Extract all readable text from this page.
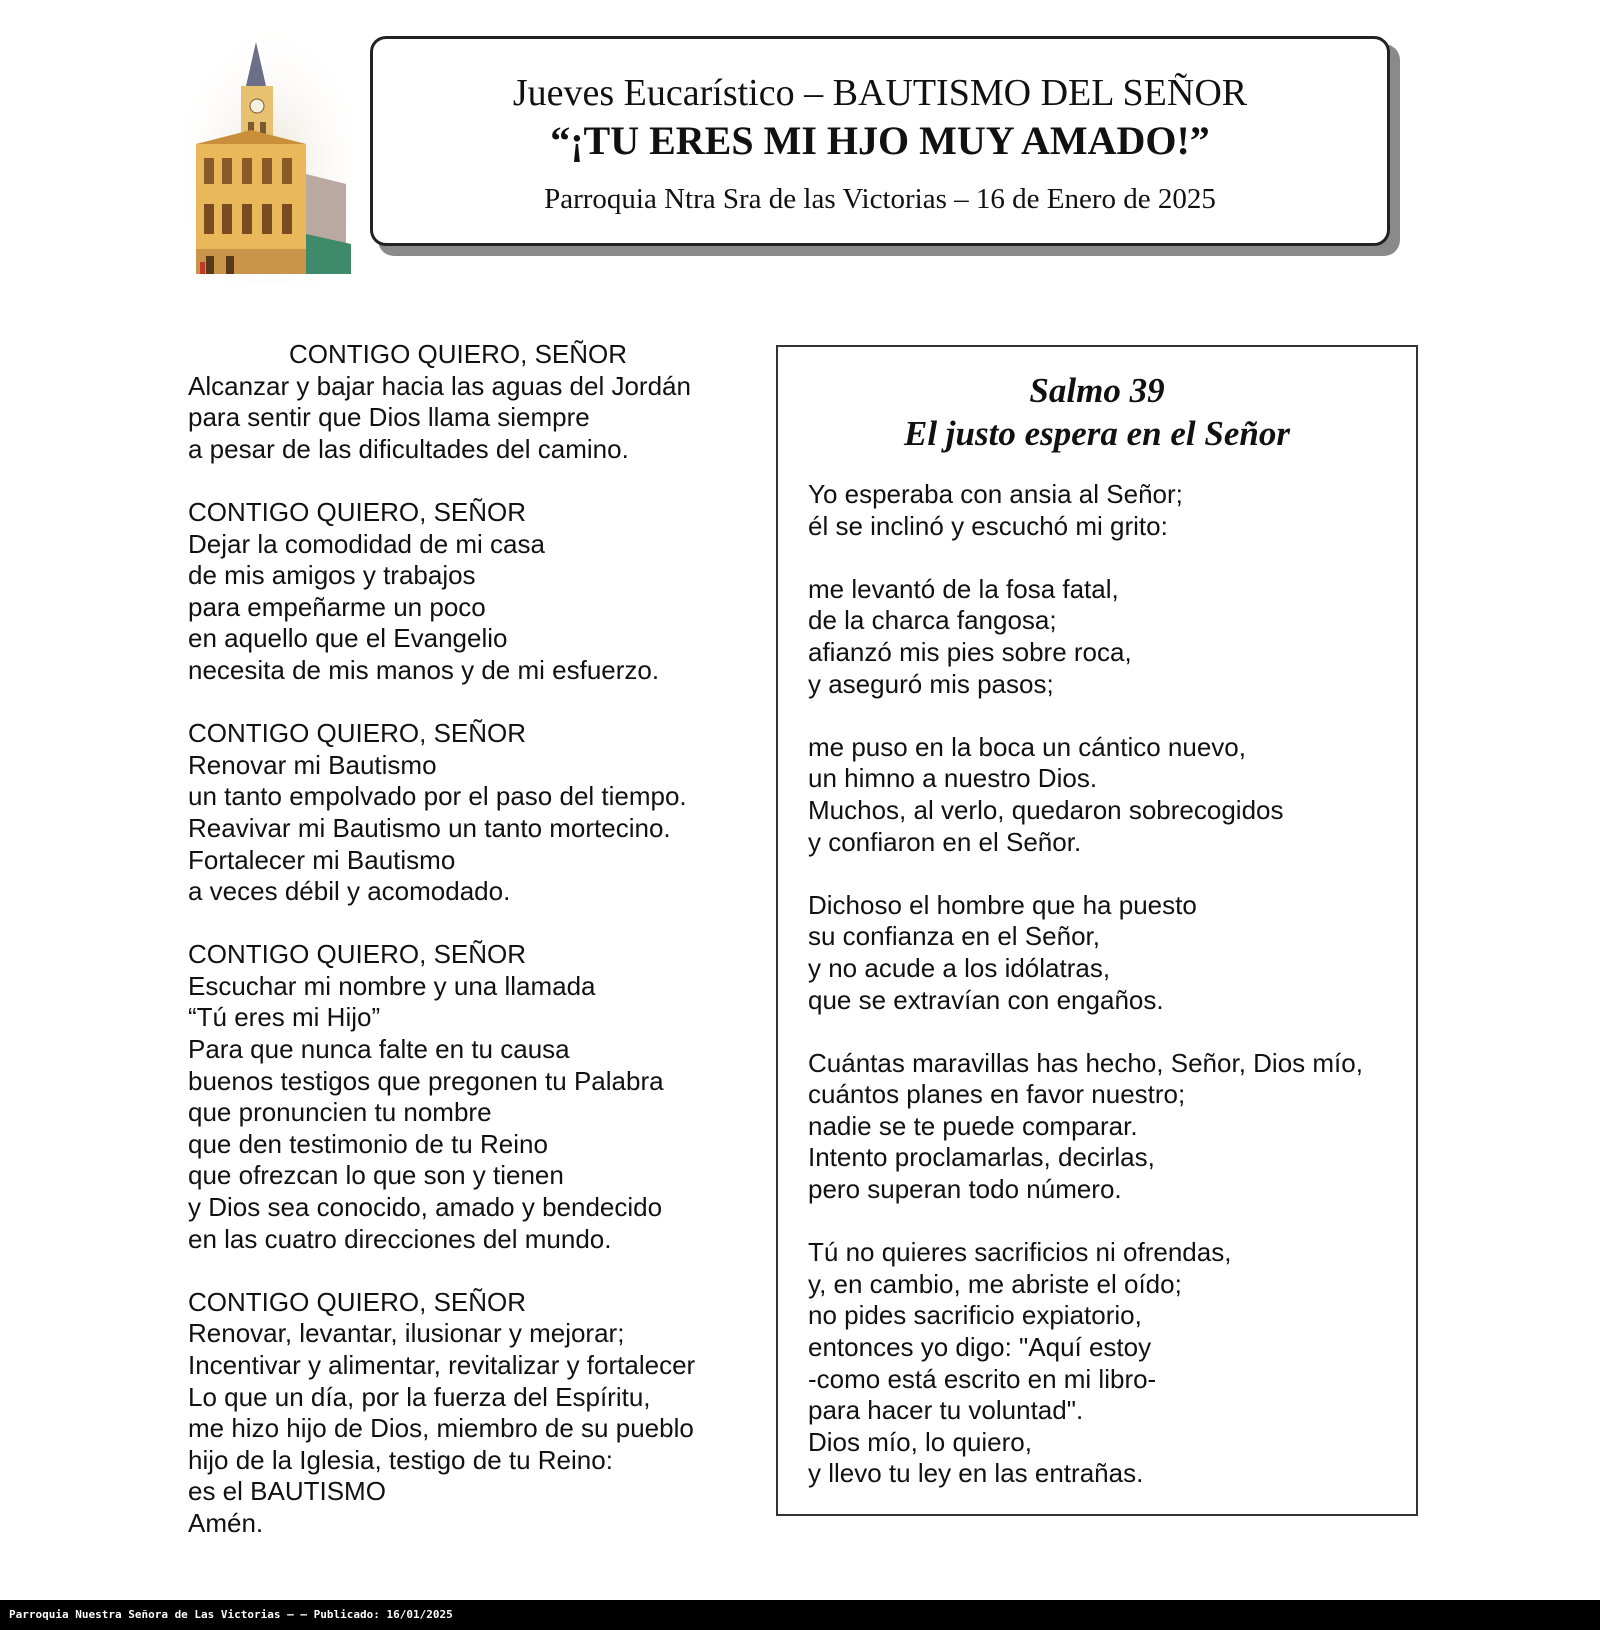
Jueves Eucarístico – BAUTISMO DEL SEÑOR
“¡TU ERES MI HJO MUY AMADO!”
Parroquia Ntra Sra de las Victorias – 16 de Enero de 2025
CONTIGO QUIERO, SEÑOR
Alcanzar y bajar hacia las aguas del Jordán
para sentir que Dios llama siempre
a pesar de las dificultades del camino.
CONTIGO QUIERO, SEÑOR
Dejar la comodidad de mi casa
de mis amigos y trabajos
para empeñarme un poco
en aquello que el Evangelio
necesita de mis manos y de mi esfuerzo.
CONTIGO QUIERO, SEÑOR
Renovar mi Bautismo
un tanto empolvado por el paso del tiempo.
Reavivar mi Bautismo un tanto mortecino.
Fortalecer mi Bautismo
a veces débil y acomodado.
CONTIGO QUIERO, SEÑOR
Escuchar mi nombre y una llamada
“Tú eres mi Hijo”
Para que nunca falte en tu causa
buenos testigos que pregonen tu Palabra
que pronuncien tu nombre
que den testimonio de tu Reino
que ofrezcan lo que son y tienen
y Dios sea conocido, amado y bendecido
en las cuatro direcciones del mundo.
CONTIGO QUIERO, SEÑOR
Renovar, levantar, ilusionar y mejorar;
Incentivar y alimentar, revitalizar y fortalecer
Lo que un día, por la fuerza del Espíritu,
me hizo hijo de Dios, miembro de su pueblo
hijo de la Iglesia, testigo de tu Reino:
es el BAUTISMO
Amén.
Salmo 39
El justo espera en el Señor
Yo esperaba con ansia al Señor;
él se inclinó y escuchó mi grito:
me levantó de la fosa fatal,
de la charca fangosa;
afianzó mis pies sobre roca,
y aseguró mis pasos;
me puso en la boca un cántico nuevo,
un himno a nuestro Dios.
Muchos, al verlo, quedaron sobrecogidos
y confiaron en el Señor.
Dichoso el hombre que ha puesto
su confianza en el Señor,
y no acude a los idólatras,
que se extravían con engaños.
Cuántas maravillas has hecho, Señor, Dios mío,
cuántos planes en favor nuestro;
nadie se te puede comparar.
Intento proclamarlas, decirlas,
pero superan todo número.
Tú no quieres sacrificios ni ofrendas,
y, en cambio, me abriste el oído;
no pides sacrificio expiatorio,
entonces yo digo: "Aquí estoy
-como está escrito en mi libro-
para hacer tu voluntad".
Dios mío, lo quiero,
y llevo tu ley en las entrañas.
Parroquia Nuestra Señora de Las Victorias – – Publicado: 16/01/2025
